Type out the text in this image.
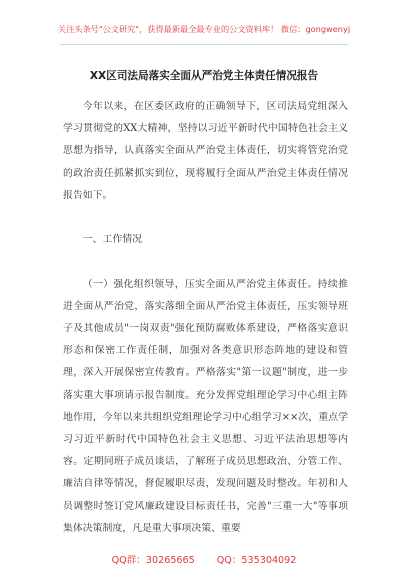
关注头条号"公文研究"，获得最新最全最专业的公文资料库！ 微信：gongwenyj
XX区司法局落实全面从严治党主体责任情况报告

今年以来，在区委区政府的正确领导下，区司法局党组深入学习贯彻党的XX大精神，坚持以习近平新时代中国特色社会主义思想为指导，认真落实全面从严治党主体责任，切实将管党治党的政治责任抓紧抓实到位，现将履行全面从严治党主体责任情况报告如下。

一、工作情况

（一）强化组织领导，压实全面从严治党主体责任。持续推进全面从严治党，落实落细全面从严治党主体责任，压实领导班子及其他成员"一岗双责"强化预防腐败体系建设，严格落实意识形态和保密工作责任制，加强对各类意识形态阵地的建设和管理，深入开展保密宣传教育。严格落实"第一议题"制度，进一步落实重大事项请示报告制度。充分发挥党组理论学习中心组主阵地作用，今年以来共组织党组理论学习中心组学习××次，重点学习习近平新时代中国特色社会主义思想、习近平法治思想等内容。定期同班子成员谈话，了解班子成员思想政治、分管工作、廉洁自律等情况，督促履职尽责，发现问题及时整改。年初和人员调整时签订党风廉政建设目标责任书，完善"三重一大"等事项集体决策制度，凡是重大事项决策、重要

QQ群：30265665 QQ：535304092
